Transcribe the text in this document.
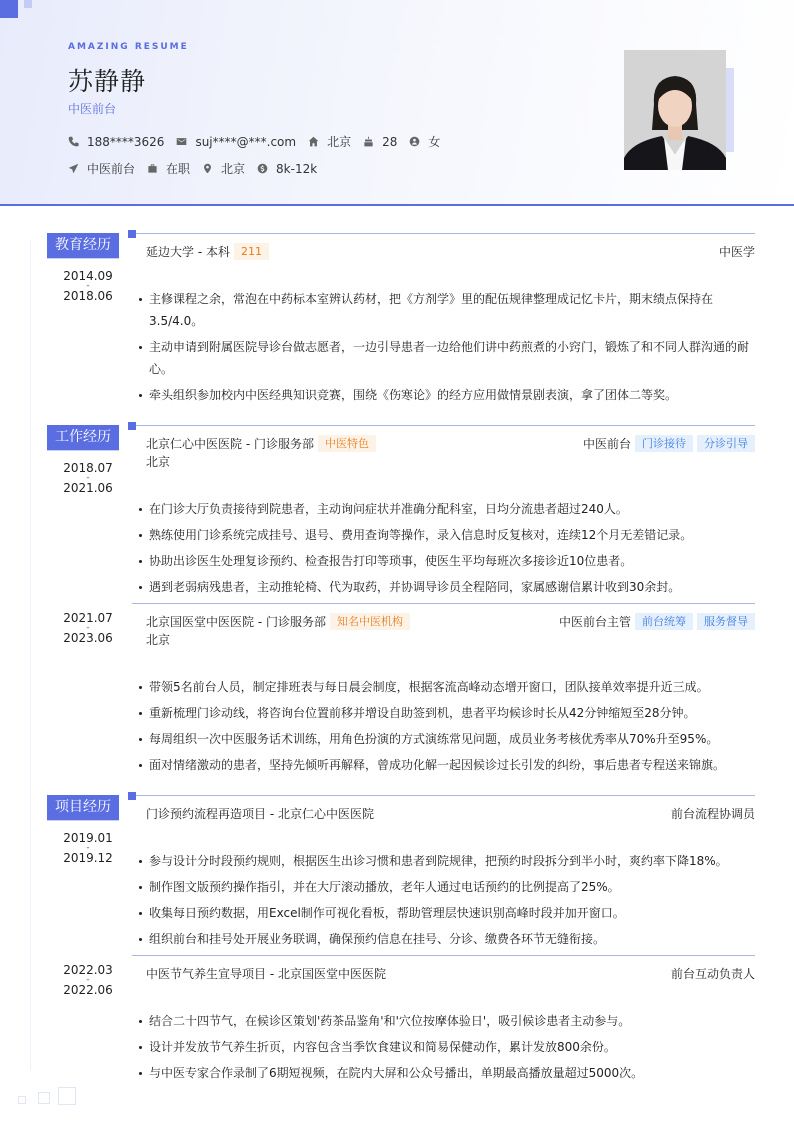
AMAZING RESUME
苏静静
中医前台
188****3626	suj****@***.com	北京	28	女
中医前台	在职	北京	8k-12k
教育经历
2014.09
-
2018.06
延边大学 - 本科	211	中医学
主修课程之余，常泡在中药标本室辨认药材，把《方剂学》里的配伍规律整理成记忆卡片，期末绩点保持在3.5/4.0。
主动申请到附属医院导诊台做志愿者，一边引导患者一边给他们讲中药煎煮的小窍门，锻炼了和不同人群沟通的耐心。
牵头组织参加校内中医经典知识竞赛，围绕《伤寒论》的经方应用做情景剧表演，拿了团体二等奖。
工作经历
2018.07
-
2021.06
北京仁心中医医院 - 门诊服务部	中医特色	中医前台	门诊接待	分诊引导
北京
在门诊大厅负责接待到院患者，主动询问症状并准确分配科室，日均分流患者超过240人。
熟练使用门诊系统完成挂号、退号、费用查询等操作，录入信息时反复核对，连续12个月无差错记录。
协助出诊医生处理复诊预约、检查报告打印等琐事，使医生平均每班次多接诊近10位患者。
遇到老弱病残患者，主动推轮椅、代为取药，并协调导诊员全程陪同，家属感谢信累计收到30余封。
2021.07
-
2023.06
北京国医堂中医医院 - 门诊服务部	知名中医机构	中医前台主管	前台统筹	服务督导
北京
带领5名前台人员，制定排班表与每日晨会制度，根据客流高峰动态增开窗口，团队接单效率提升近三成。
重新梳理门诊动线，将咨询台位置前移并增设自助签到机，患者平均候诊时长从42分钟缩短至28分钟。
每周组织一次中医服务话术训练，用角色扮演的方式演练常见问题，成员业务考核优秀率从70%升至95%。
面对情绪激动的患者，坚持先倾听再解释，曾成功化解一起因候诊过长引发的纠纷，事后患者专程送来锦旗。
项目经历
2019.01
-
2019.12
门诊预约流程再造项目 - 北京仁心中医医院	前台流程协调员
参与设计分时段预约规则，根据医生出诊习惯和患者到院规律，把预约时段拆分到半小时，爽约率下降18%。
制作图文版预约操作指引，并在大厅滚动播放，老年人通过电话预约的比例提高了25%。
收集每日预约数据，用Excel制作可视化看板，帮助管理层快速识别高峰时段并加开窗口。
组织前台和挂号处开展业务联调，确保预约信息在挂号、分诊、缴费各环节无缝衔接。
2022.03
-
2022.06
中医节气养生宣导项目 - 北京国医堂中医医院	前台互动负责人
结合二十四节气，在候诊区策划'药茶品鉴角'和'穴位按摩体验日'，吸引候诊患者主动参与。
设计并发放节气养生折页，内容包含当季饮食建议和简易保健动作，累计发放800余份。
与中医专家合作录制了6期短视频，在院内大屏和公众号播出，单期最高播放量超过5000次。
